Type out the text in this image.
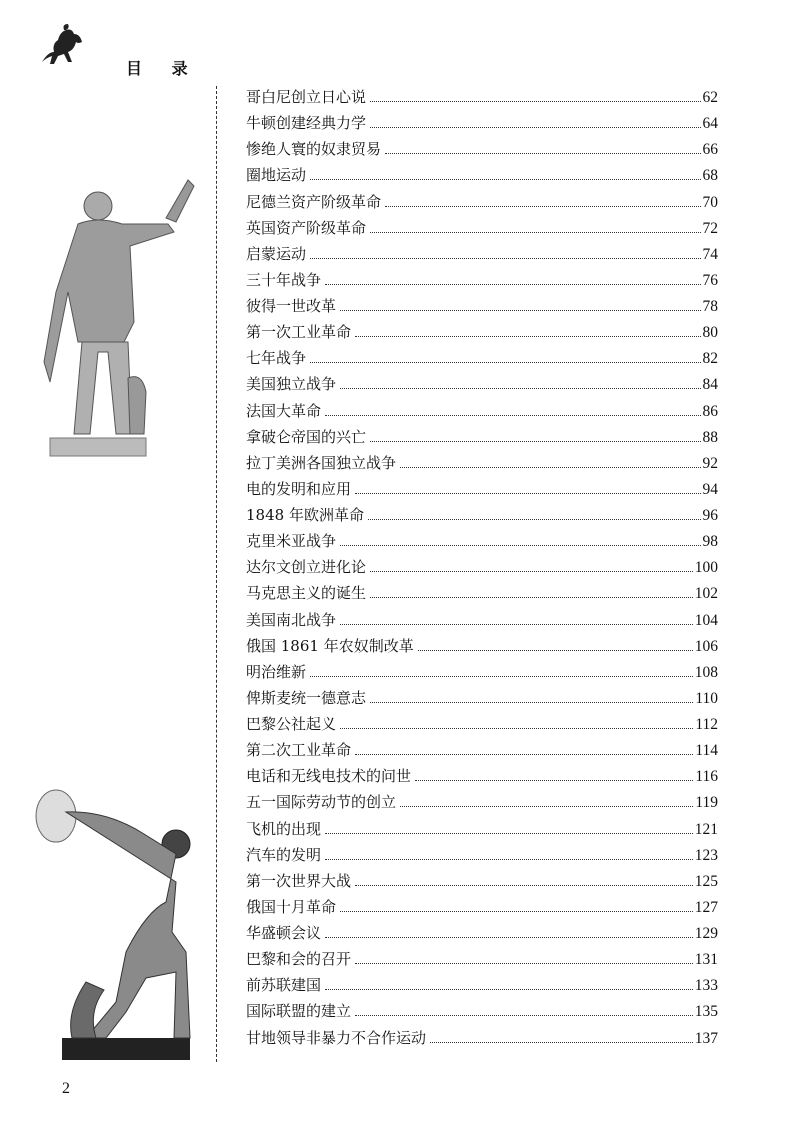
目 录
哥白尼创立日心说	62
牛顿创建经典力学	64
惨绝人寰的奴隶贸易	66
圈地运动	68
尼德兰资产阶级革命	70
英国资产阶级革命	72
启蒙运动	74
三十年战争	76
彼得一世改革	78
第一次工业革命	80
七年战争	82
美国独立战争	84
法国大革命	86
拿破仑帝国的兴亡	88
拉丁美洲各国独立战争	92
电的发明和应用	94
1848 年欧洲革命	96
克里米亚战争	98
达尔文创立进化论	100
马克思主义的诞生	102
美国南北战争	104
俄国 1861 年农奴制改革	106
明治维新	108
俾斯麦统一德意志	110
巴黎公社起义	112
第二次工业革命	114
电话和无线电技术的问世	116
五一国际劳动节的创立	119
飞机的出现	121
汽车的发明	123
第一次世界大战	125
俄国十月革命	127
华盛顿会议	129
巴黎和会的召开	131
前苏联建国	133
国际联盟的建立	135
甘地领导非暴力不合作运动	137
2
